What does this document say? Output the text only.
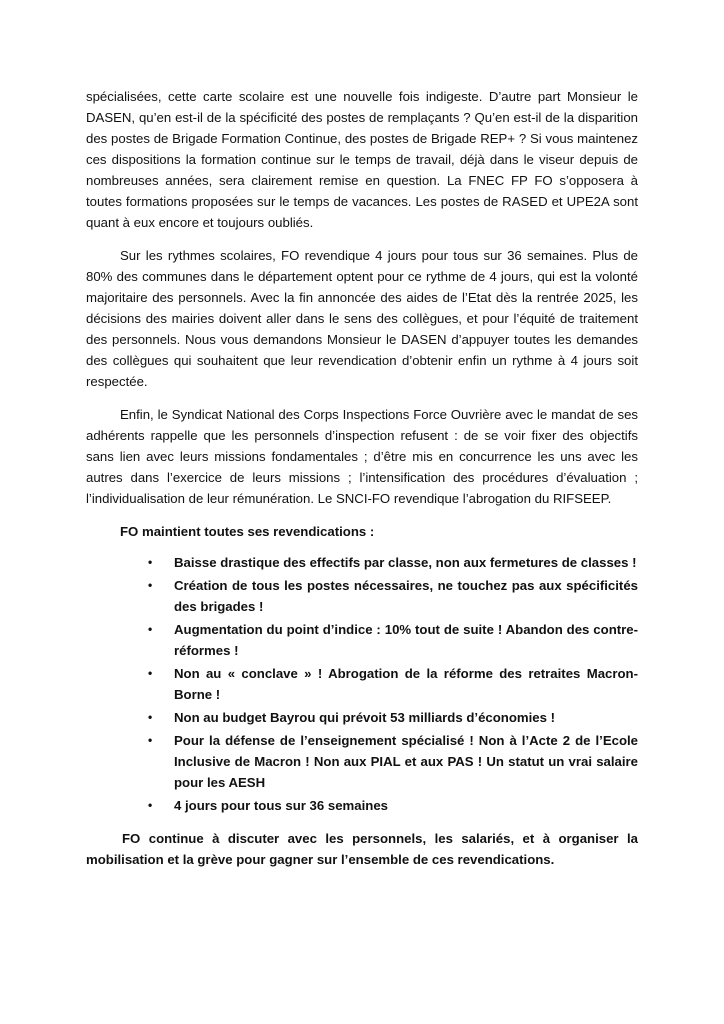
spécialisées, cette carte scolaire est une nouvelle fois indigeste. D’autre part Monsieur le DASEN, qu’en est-il de la spécificité des postes de remplaçants ? Qu’en est-il de la disparition des postes de Brigade Formation Continue, des postes de Brigade REP+ ? Si vous maintenez ces dispositions la formation continue sur le temps de travail, déjà dans le viseur depuis de nombreuses années, sera clairement remise en question. La FNEC FP FO s’opposera à toutes formations proposées sur le temps de vacances. Les postes de RASED et UPE2A sont quant à eux encore et toujours oubliés.

Sur les rythmes scolaires, FO revendique 4 jours pour tous sur 36 semaines. Plus de 80% des communes dans le département optent pour ce rythme de 4 jours, qui est la volonté majoritaire des personnels. Avec la fin annoncée des aides de l’Etat dès la rentrée 2025, les décisions des mairies doivent aller dans le sens des collègues, et pour l’équité de traitement des personnels. Nous vous demandons Monsieur le DASEN d’appuyer toutes les demandes des collègues qui souhaitent que leur revendication d’obtenir enfin un rythme à 4 jours soit respectée.

Enfin, le Syndicat National des Corps Inspections Force Ouvrière avec le mandat de ses adhérents rappelle que les personnels d’inspection refusent : de se voir fixer des objectifs sans lien avec leurs missions fondamentales ; d’être mis en concurrence les uns avec les autres dans l’exercice de leurs missions ; l’intensification des procédures d’évaluation ; l’individualisation de leur rémunération. Le SNCI-FO revendique l’abrogation du RIFSEEP.

FO maintient toutes ses revendications :

• Baisse drastique des effectifs par classe, non aux fermetures de classes !
• Création de tous les postes nécessaires, ne touchez pas aux spécificités des brigades !
• Augmentation du point d’indice : 10% tout de suite ! Abandon des contre-réformes !
• Non au « conclave » ! Abrogation de la réforme des retraites Macron-Borne !
• Non au budget Bayrou qui prévoit 53 milliards d’économies !
• Pour la défense de l’enseignement spécialisé ! Non à l’Acte 2 de l’Ecole Inclusive de Macron ! Non aux PIAL et aux PAS ! Un statut un vrai salaire pour les AESH
• 4 jours pour tous sur 36 semaines

FO continue à discuter avec les personnels, les salariés, et à organiser la mobilisation et la grève pour gagner sur l’ensemble de ces revendications.
